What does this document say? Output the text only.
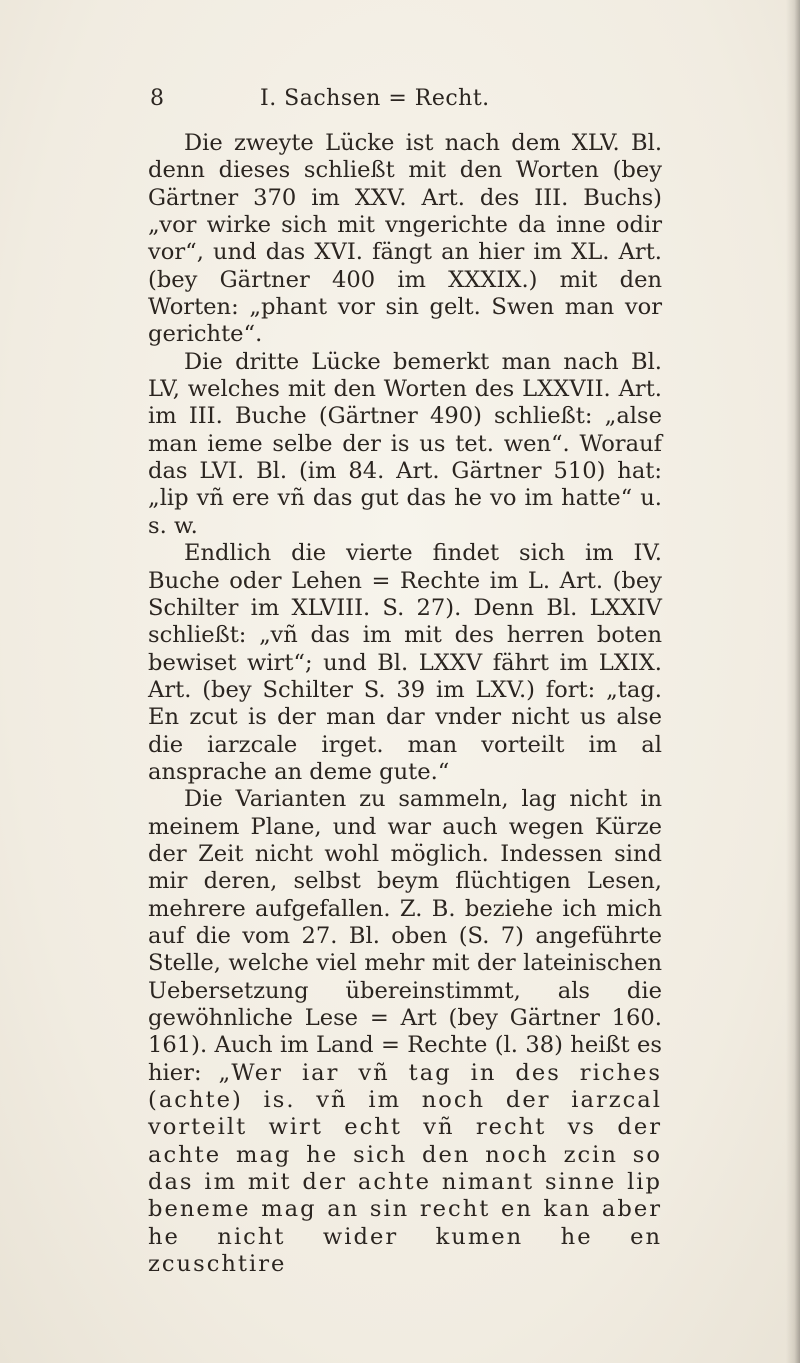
8	I. Sachsen = Recht.

Die zweyte Lücke ist nach dem XLV. Bl. denn dieses schließt mit den Worten (bey Gärtner 370 im XXV. Art. des III. Buchs) „vor wirke sich mit vngerichte da inne odir vor“, und das XVI. fängt an hier im XL. Art. (bey Gärtner 400 im XXXIX.) mit den Worten: „phant vor sin gelt. Swen man vor gerichte“.

Die dritte Lücke bemerkt man nach Bl. LV, welches mit den Worten des LXXVII. Art. im III. Buche (Gärtner 490) schließt: „alse man ieme selbe der is us tet. wen“. Worauf das LVI. Bl. (im 84. Art. Gärtner 510) hat: „lip vñ ere vñ das gut das he vo im hatte“ u. s. w.

Endlich die vierte findet sich im IV. Buche oder Lehen = Rechte im L. Art. (bey Schilter im XLVIII. S. 27). Denn Bl. LXXIV schließt: „vñ das im mit des herren boten bewiset wirt“; und Bl. LXXV fährt im LXIX. Art. (bey Schilter S. 39 im LXV.) fort: „tag. En zcut is der man dar vnder nicht us alse die iarzcale irget. man vorteilt im al ansprache an deme gute.“

Die Varianten zu sammeln, lag nicht in meinem Plane, und war auch wegen Kürze der Zeit nicht wohl möglich. Indessen sind mir deren, selbst beym flüchtigen Lesen, mehrere aufgefallen. Z. B. beziehe ich mich auf die vom 27. Bl. oben (S. 7) angeführte Stelle, welche viel mehr mit der lateinischen Uebersetzung übereinstimmt, als die gewöhnliche Lese = Art (bey Gärtner 160. 161). Auch im Land = Rechte (l. 38) heißt es hier: „Wer iar vñ tag in des riches (achte) is. vñ im noch der iarzcal vorteilt wirt echt vñ recht vs der achte mag he sich den noch zcin so das im mit der achte nimant sinne lip beneme mag an sin recht en kan aber he nicht wider kumen he en zcuschtire
